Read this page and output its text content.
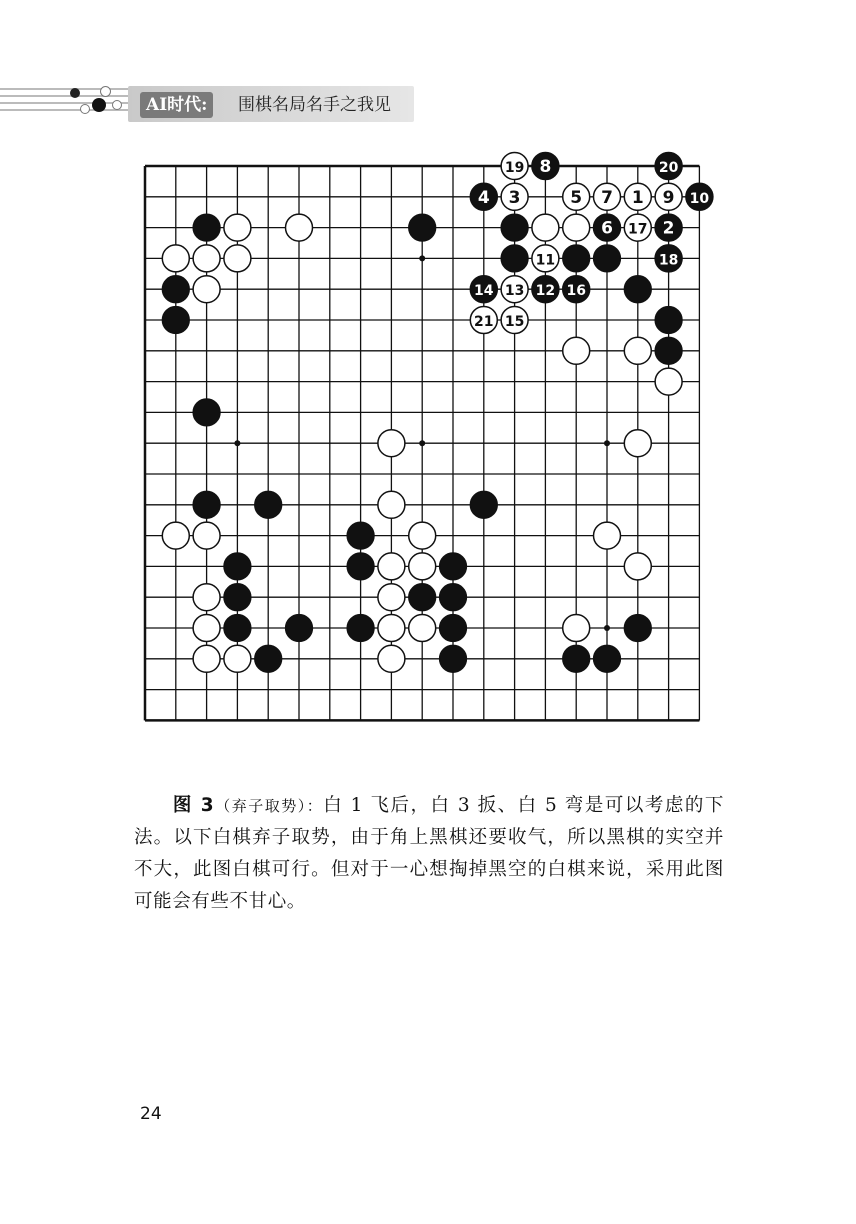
AI时代:	围棋名局名手之我见
1
2
3
4	5
6
7
8
9 10
11
12
13
14
15
16
17
18
19	20
21

图 3（弃子取势）：白 1 飞后，白 3 扳、白 5 弯是可以考虑的下法。以下白棋弃子取势，由于角上黑棋还要收气，所以黑棋的实空并不大，此图白棋可行。但对于一心想掏掉黑空的白棋来说，采用此图可能会有些不甘心。

24
